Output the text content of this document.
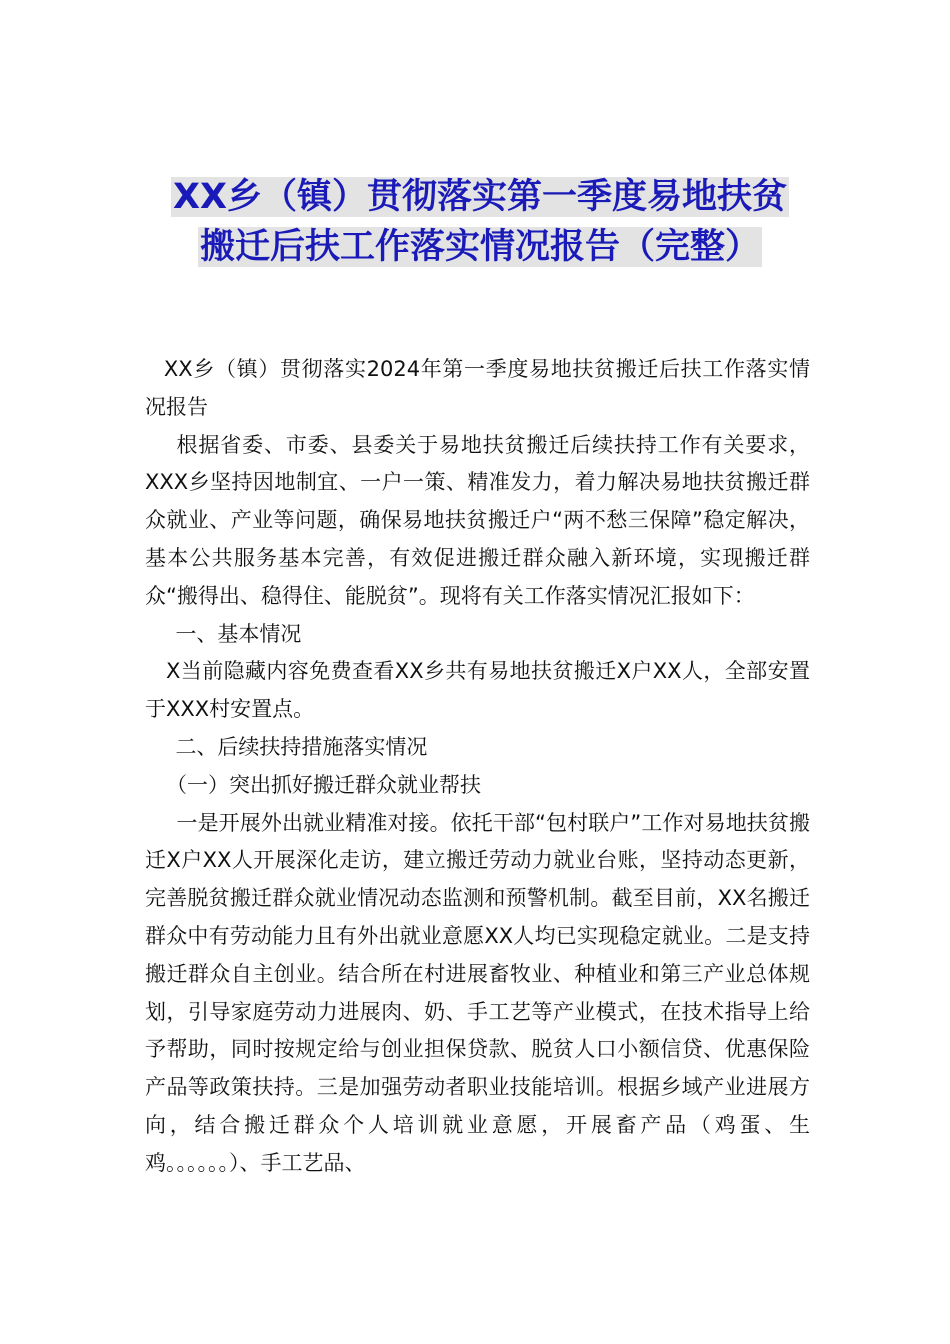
XX乡（镇）贯彻落实第一季度易地扶贫
搬迁后扶工作落实情况报告（完整）

XX乡（镇）贯彻落实2024年第一季度易地扶贫搬迁后扶工作落实情况报告

根据省委、市委、县委关于易地扶贫搬迁后续扶持工作有关要求，XXX乡坚持因地制宜、一户一策、精准发力，着力解决易地扶贫搬迁群众就业、产业等问题，确保易地扶贫搬迁户“两不愁三保障”稳定解决，基本公共服务基本完善，有效促进搬迁群众融入新环境，实现搬迁群众“搬得出、稳得住、能脱贫”。现将有关工作落实情况汇报如下：

一、基本情况

X当前隐藏内容免费查看XX乡共有易地扶贫搬迁X户XX人，全部安置于XXX村安置点。

二、后续扶持措施落实情况

（一）突出抓好搬迁群众就业帮扶

一是开展外出就业精准对接。依托干部“包村联户”工作对易地扶贫搬迁X户XX人开展深化走访，建立搬迁劳动力就业台账，坚持动态更新，完善脱贫搬迁群众就业情况动态监测和预警机制。截至目前，XX名搬迁群众中有劳动能力且有外出就业意愿XX人均已实现稳定就业。二是支持搬迁群众自主创业。结合所在村进展畜牧业、种植业和第三产业总体规划，引导家庭劳动力进展肉、奶、手工艺等产业模式，在技术指导上给予帮助，同时按规定给与创业担保贷款、脱贫人口小额信贷、优惠保险产品等政策扶持。三是加强劳动者职业技能培训。根据乡域产业进展方向，结合搬迁群众个人培训就业意愿，开展畜产品（鸡蛋、生鸡。。。。。。）、手工艺品、
